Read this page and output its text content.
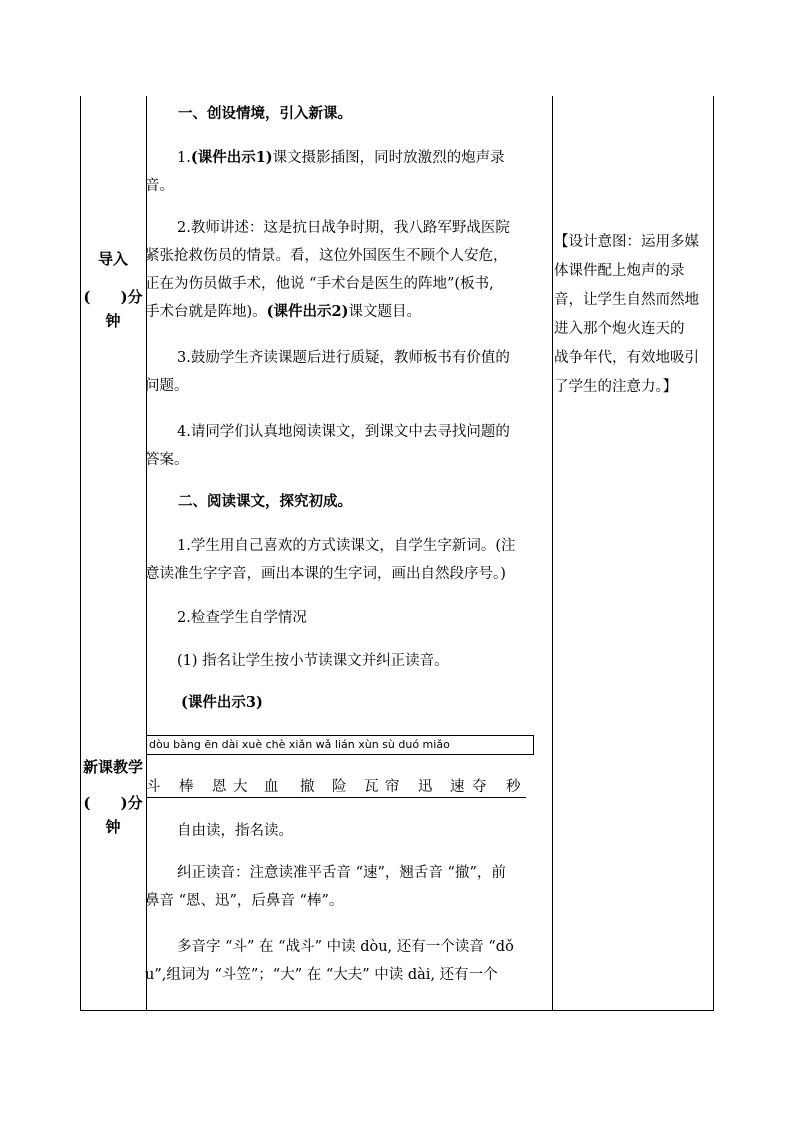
导入
(　　)分
钟
新课教学
(　　)分
钟
一、创设情境，引入新课。
1.(课件出示1)课文摄影插图，同时放激烈的炮声录
音。
2.教师讲述：这是抗日战争时期，我八路军野战医院
紧张抢救伤员的情景。看，这位外国医生不顾个人安危，
正在为伤员做手术，他说 “手术台是医生的阵地”(板书,
手术台就是阵地)。(课件出示2)课文题目。
3.鼓励学生齐读课题后进行质疑，教师板书有价值的
问题。
4.请同学们认真地阅读课文，到课文中去寻找问题的
答案。
二、阅读课文，探究初成。
1.学生用自己喜欢的方式读课文，自学生字新词。(注
意读准生字字音，画出本课的生字词，画出自然段序号。)
2.检查学生自学情况
(1) 指名让学生按小节读课文并纠正读音。
(课件出示3)
dòu bàng ēn dài xuè chè xiǎn wǎ lián xùn sù duó miǎo
斗 棒 恩 大 血 撤 险 瓦 帘 迅 速 夺 秒
自由读，指名读。
纠正读音：注意读准平舌音 “速”，翘舌音 “撤”，前
鼻音 “恩、迅”，后鼻音 “棒”。
多音字 “斗” 在 “战斗” 中读 dòu, 还有一个读音 “dǒ
u”,组词为 “斗笠”；“大” 在 “大夫” 中读 dài, 还有一个
【设计意图：运用多媒
体课件配上炮声的录
音，让学生自然而然地
进入那个炮火连天的
战争年代，有效地吸引
了学生的注意力。】
